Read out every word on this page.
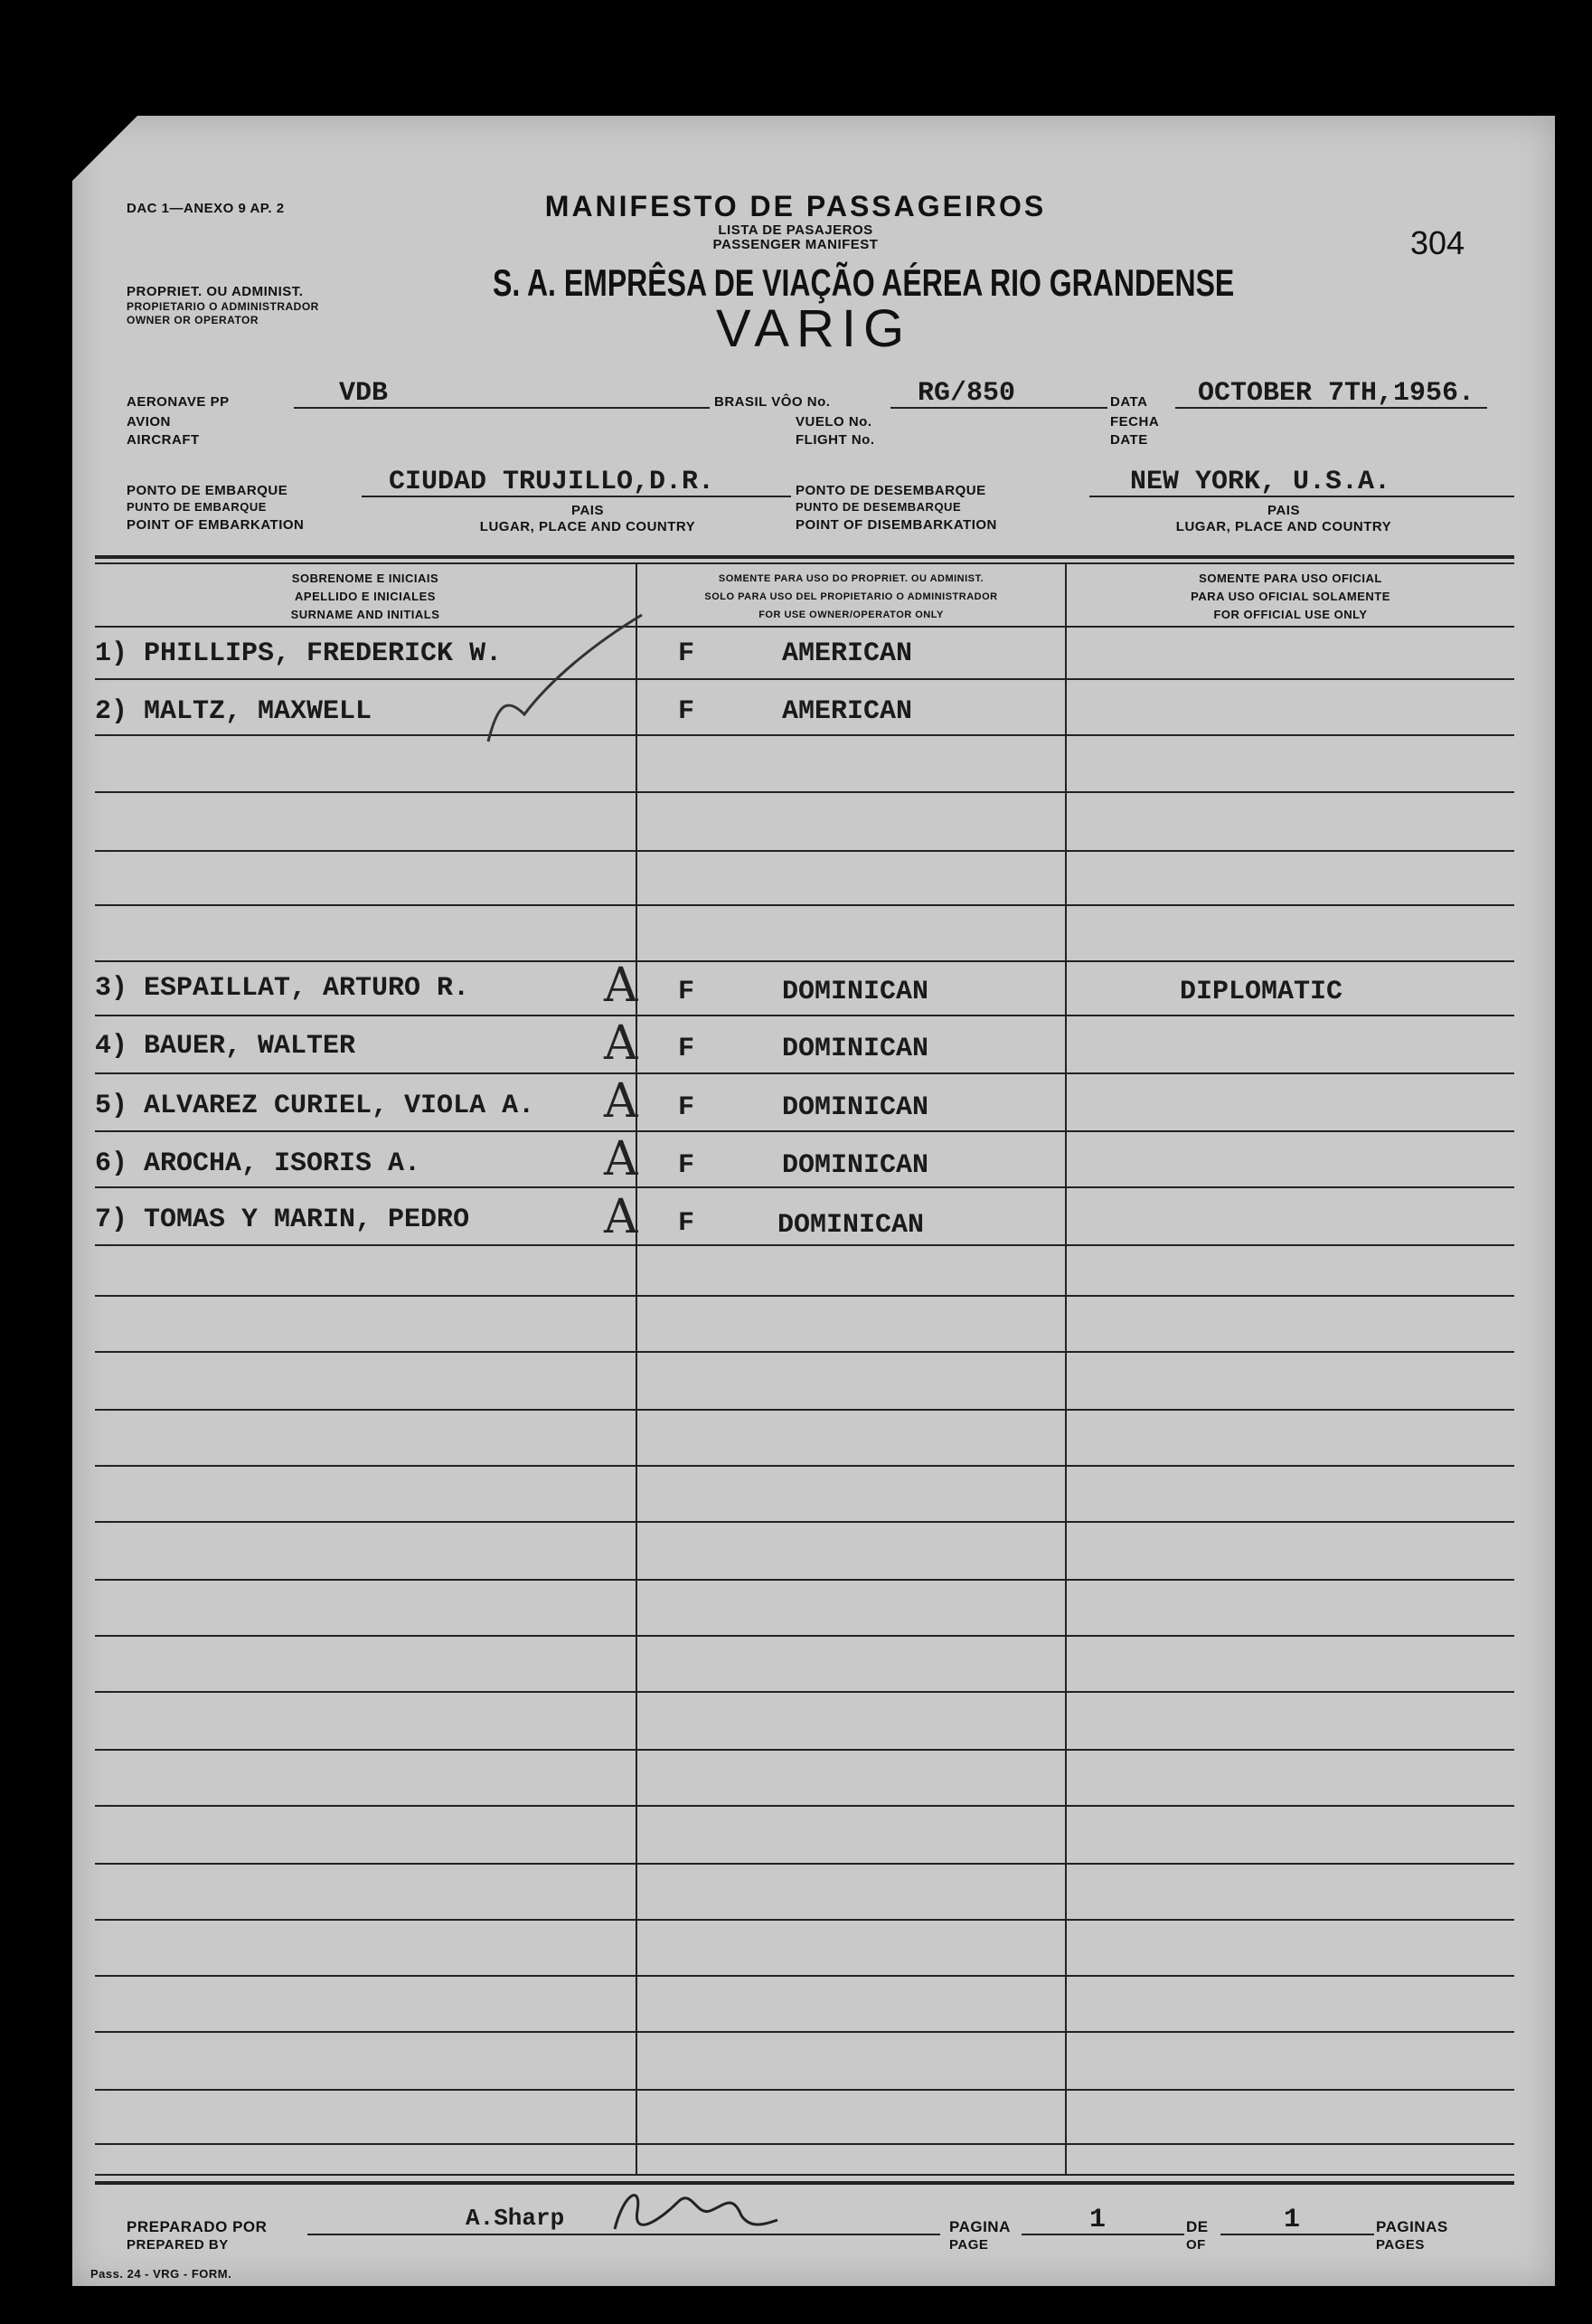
DAC 1—ANEXO 9 AP. 2	MANIFESTO DE PASSAGEIROS
LISTA DE PASAJEROS
PASSENGER MANIFEST	304
PROPRIET. OU ADMINIST.
PROPIETARIO O ADMINISTRADOR
OWNER OR OPERATOR
S. A. EMPRÊSA DE VIAÇÃO AÉREA RIO GRANDENSE
VARIG
AERONAVE PP
AVION
AIRCRAFT
VDB	BRASIL VÔO No.
VUELO No.
FLIGHT No.
RG/850	DATA
FECHA
DATE
OCTOBER 7TH,1956.
PONTO DE EMBARQUE
PUNTO DE EMBARQUE
POINT OF EMBARKATION
CIUDAD TRUJILLO,D.R.
PAIS
LUGAR, PLACE AND COUNTRY
PONTO DE DESEMBARQUE
PUNTO DE DESEMBARQUE
POINT OF DISEMBARKATION
NEW YORK, U.S.A.
PAIS
LUGAR, PLACE AND COUNTRY
SOBRENOME E INICIAIS
APELLIDO E INICIALES
SURNAME AND INITIALS
SOMENTE PARA USO DO PROPRIET. OU ADMINIST.
SOLO PARA USO DEL PROPIETARIO O ADMINISTRADOR
FOR USE OWNER/OPERATOR ONLY
SOMENTE PARA USO OFICIAL
PARA USO OFICIAL SOLAMENTE
FOR OFFICIAL USE ONLY
1) PHILLIPS, FREDERICK W.	F	AMERICAN
2) MALTZ, MAXWELL	F	AMERICAN
3) ESPAILLAT, ARTURO R.	F	DOMINICAN	DIPLOMATIC
4) BAUER, WALTER	F	DOMINICAN
5) ALVAREZ CURIEL, VIOLA A.	F	DOMINICAN
6) AROCHA, ISORIS A.	F	DOMINICAN
7) TOMAS Y MARIN, PEDRO	F	DOMINICAN
A
A
A
A
A
PREPARADO POR
PREPARED BY
A.Sharp	PAGINA
PAGE
1	DE
OF
1	PAGINAS
PAGES
Pass. 24 - VRG - FORM.
